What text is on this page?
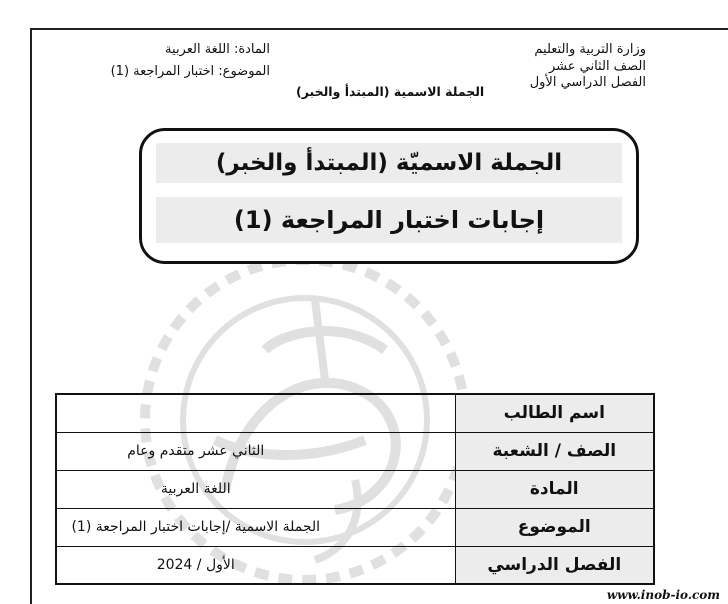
وزارة التربية والتعليم
الصف الثاني عشر
الفصل الدراسي الأول
المادة: اللغة العربية
الموضوع: اختبار المراجعة (1)
الجملة الاسمية (المبتدأ والخبر)
الجملة الاسميّة (المبتدأ والخبر)
إجابات اختبار المراجعة (1)
اسم الطالب	
الصف / الشعبة	الثاني عشر متقدم وعام
المادة	اللغة العربية
الموضوع	الجملة الاسمية /إجابات اختبار المراجعة (1)
الفصل الدراسي	الأول / 2024
www.inob-io.com
